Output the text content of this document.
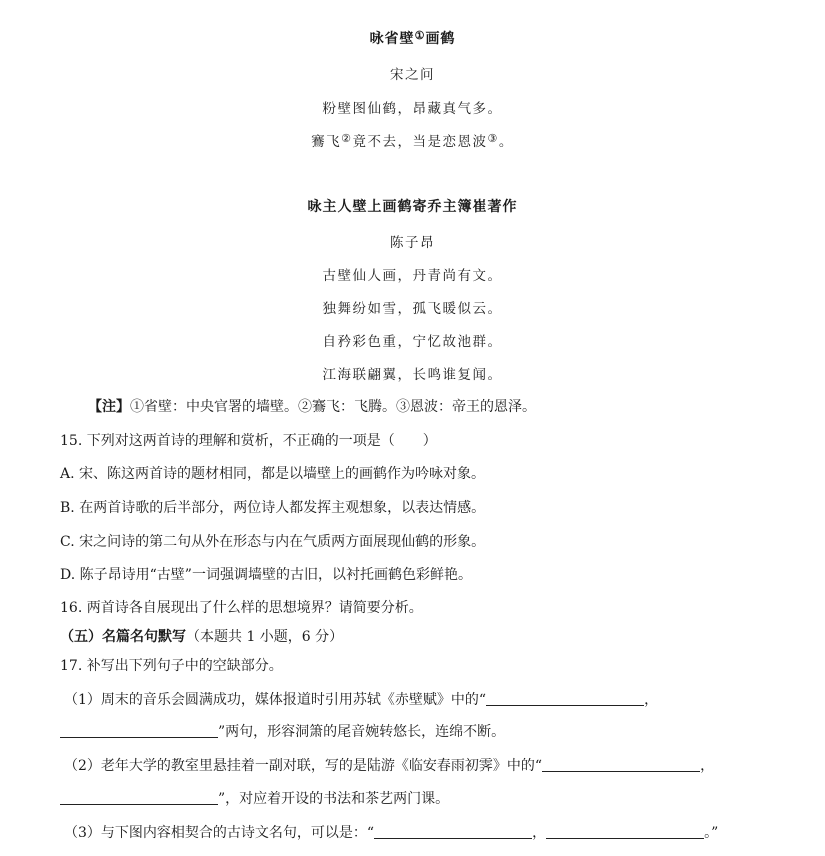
咏省壁①画鹤
宋之问
粉壁图仙鹤，昂藏真气多。
鶱飞②竟不去，当是恋恩波③。
咏主人壁上画鹤寄乔主簿崔著作
陈子昂
古壁仙人画，丹青尚有文。
独舞纷如雪，孤飞暖似云。
自矜彩色重，宁忆故池群。
江海联翩翼，长鸣谁复闻。
【注】①省壁：中央官署的墙壁。②鶱飞：飞腾。③恩波：帝王的恩泽。
15. 下列对这两首诗的理解和赏析，不正确的一项是（　　）
A. 宋、陈这两首诗的题材相同，都是以墙壁上的画鹤作为吟咏对象。
B. 在两首诗歌的后半部分，两位诗人都发挥主观想象，以表达情感。
C. 宋之问诗的第二句从外在形态与内在气质两方面展现仙鹤的形象。
D. 陈子昂诗用“古壁”一词强调墙壁的古旧，以衬托画鹤色彩鲜艳。
16. 两首诗各自展现出了什么样的思想境界？请简要分析。
（五）名篇名句默写（本题共 1 小题，6 分）
17. 补写出下列句子中的空缺部分。
（1）周末的音乐会圆满成功，媒体报道时引用苏轼《赤壁赋》中的“	，
”两句，形容洞箫的尾音婉转悠长，连绵不断。
（2）老年大学的教室里悬挂着一副对联，写的是陆游《临安春雨初霁》中的“	，
”，对应着开设的书法和茶艺两门课。
（3）与下图内容相契合的古诗文名句，可以是：“	，	。”
